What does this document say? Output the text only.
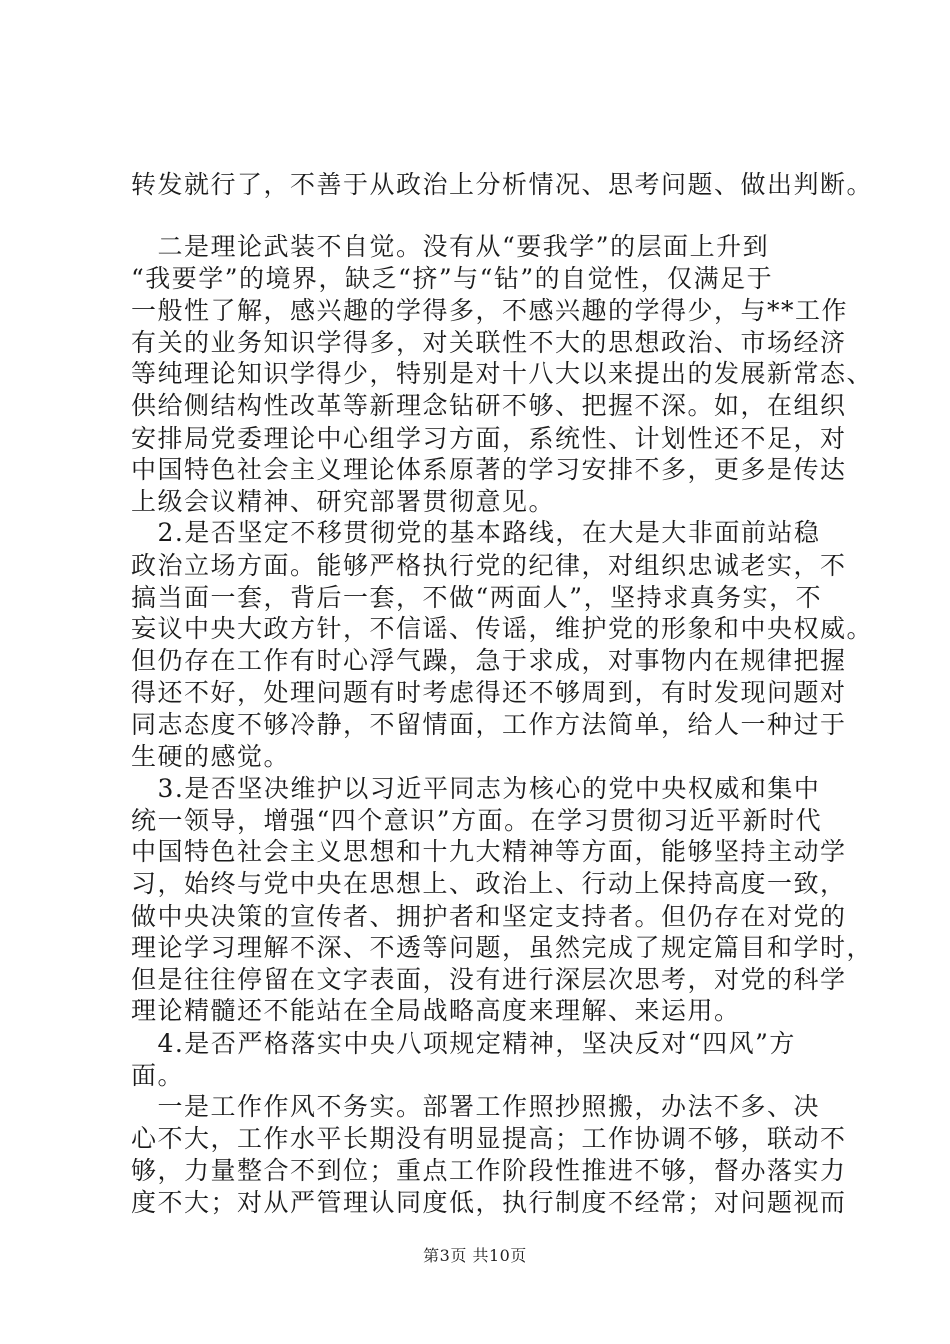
转发就行了，不善于从政治上分析情况、思考问题、做出判断。
　二是理论武装不自觉。没有从“要我学”的层面上升到
“我要学”的境界，缺乏“挤”与“钻”的自觉性，仅满足于
一般性了解，感兴趣的学得多，不感兴趣的学得少，与**工作
有关的业务知识学得多，对关联性不大的思想政治、市场经济
等纯理论知识学得少，特别是对十八大以来提出的发展新常态、
供给侧结构性改革等新理念钻研不够、把握不深。如，在组织
安排局党委理论中心组学习方面，系统性、计划性还不足，对
中国特色社会主义理论体系原著的学习安排不多，更多是传达
上级会议精神、研究部署贯彻意见。
　2.是否坚定不移贯彻党的基本路线，在大是大非面前站稳
政治立场方面。能够严格执行党的纪律，对组织忠诚老实，不
搞当面一套，背后一套，不做“两面人”，坚持求真务实，不
妄议中央大政方针，不信谣、传谣，维护党的形象和中央权威。
但仍存在工作有时心浮气躁，急于求成，对事物内在规律把握
得还不好，处理问题有时考虑得还不够周到，有时发现问题对
同志态度不够冷静，不留情面，工作方法简单，给人一种过于
生硬的感觉。
　3.是否坚决维护以习近平同志为核心的党中央权威和集中
统一领导，增强“四个意识”方面。在学习贯彻习近平新时代
中国特色社会主义思想和十九大精神等方面，能够坚持主动学
习，始终与党中央在思想上、政治上、行动上保持高度一致，
做中央决策的宣传者、拥护者和坚定支持者。但仍存在对党的
理论学习理解不深、不透等问题，虽然完成了规定篇目和学时，
但是往往停留在文字表面，没有进行深层次思考，对党的科学
理论精髓还不能站在全局战略高度来理解、来运用。
　4.是否严格落实中央八项规定精神，坚决反对“四风”方
面。
　一是工作作风不务实。部署工作照抄照搬，办法不多、决
心不大，工作水平长期没有明显提高；工作协调不够，联动不
够，力量整合不到位；重点工作阶段性推进不够，督办落实力
度不大；对从严管理认同度低，执行制度不经常；对问题视而
第3页 共10页
